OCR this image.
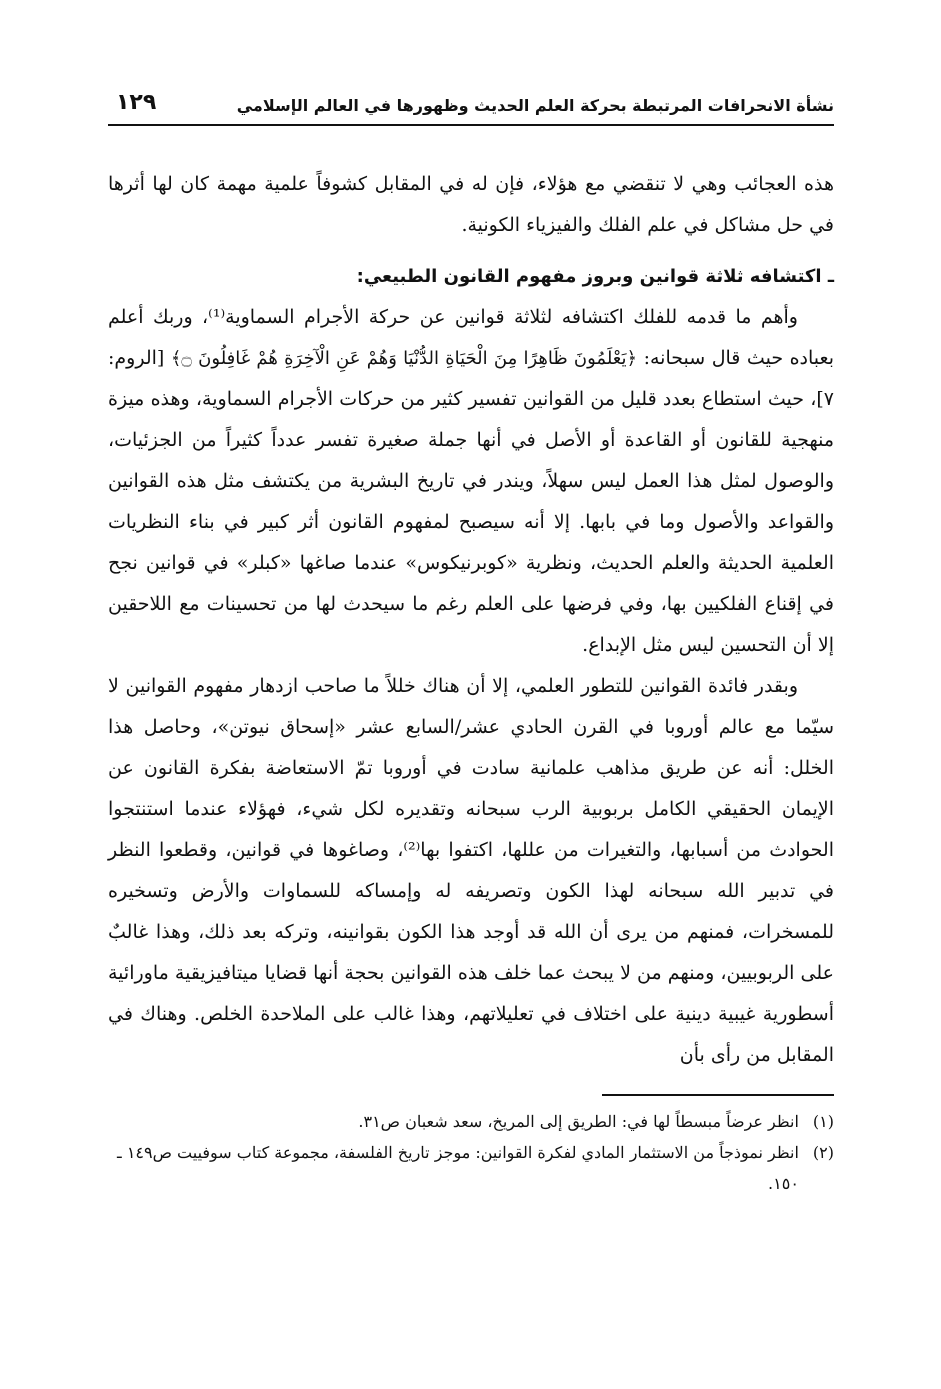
نشأة الانحرافات المرتبطة بحركة العلم الحديث وظهورها في العالم الإسلامي
١٢٩

هذه العجائب وهي لا تنقضي مع هؤلاء، فإن له في المقابل كشوفاً علمية مهمة كان لها أثرها في حل مشاكل في علم الفلك والفيزياء الكونية.

ـ اكتشافه ثلاثة قوانين وبروز مفهوم القانون الطبيعي:

وأهم ما قدمه للفلك اكتشافه لثلاثة قوانين عن حركة الأجرام السماوية⁽¹⁾، وربك أعلم بعباده حيث قال سبحانه: ﴿يَعْلَمُونَ ظَاهِرًا مِنَ الْحَيَاةِ الدُّنْيَا وَهُمْ عَنِ الْآخِرَةِ هُمْ غَافِلُونَ ۝﴾ [الروم: ٧]، حيث استطاع بعدد قليل من القوانين تفسير كثير من حركات الأجرام السماوية، وهذه ميزة منهجية للقانون أو القاعدة أو الأصل في أنها جملة صغيرة تفسر عدداً كثيراً من الجزئيات، والوصول لمثل هذا العمل ليس سهلاً، ويندر في تاريخ البشرية من يكتشف مثل هذه القوانين والقواعد والأصول وما في بابها. إلا أنه سيصبح لمفهوم القانون أثر كبير في بناء النظريات العلمية الحديثة والعلم الحديث، ونظرية «كوبرنيكوس» عندما صاغها «كبلر» في قوانين نجح في إقناع الفلكيين بها، وفي فرضها على العلم رغم ما سيحدث لها من تحسينات مع اللاحقين إلا أن التحسين ليس مثل الإبداع.

وبقدر فائدة القوانين للتطور العلمي، إلا أن هناك خللاً ما صاحب ازدهار مفهوم القوانين لا سيّما مع عالم أوروبا في القرن الحادي عشر/السابع عشر «إسحاق نيوتن»، وحاصل هذا الخلل: أنه عن طريق مذاهب علمانية سادت في أوروبا تمّ الاستعاضة بفكرة القانون عن الإيمان الحقيقي الكامل بربوبية الرب سبحانه وتقديره لكل شيء، فهؤلاء عندما استنتجوا الحوادث من أسبابها، والتغيرات من عللها، اكتفوا بها⁽²⁾، وصاغوها في قوانين، وقطعوا النظر في تدبير الله سبحانه لهذا الكون وتصريفه له وإمساكه للسماوات والأرض وتسخيره للمسخرات، فمنهم من يرى أن الله قد أوجد هذا الكون بقوانينه، وتركه بعد ذلك، وهذا غالبٌ على الربوبيين، ومنهم من لا يبحث عما خلف هذه القوانين بحجة أنها قضايا ميتافيزيقية ماورائية أسطورية غيبية دينية على اختلاف في تعليلاتهم، وهذا غالب على الملاحدة الخلص. وهناك في المقابل من رأى بأن

(١)
انظر عرضاً مبسطاً لها في: الطريق إلى المريخ، سعد شعبان ص٣١.
(٢)
انظر نموذجاً من الاستثمار المادي لفكرة القوانين: موجز تاريخ الفلسفة، مجموعة كتاب سوفييت ص١٤٩ ـ ١٥٠.
